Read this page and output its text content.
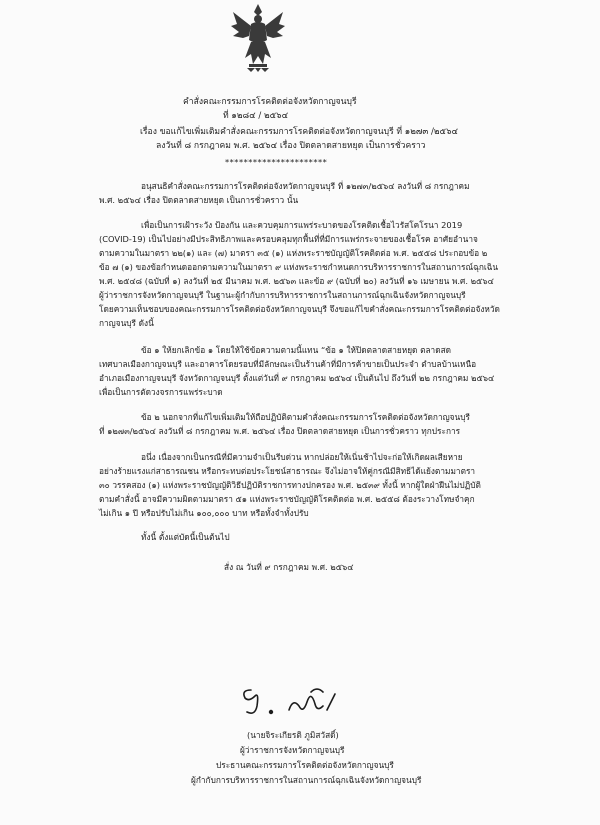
คำสั่งคณะกรรมการโรคติดต่อจังหวัดกาญจนบุรี
ที่ ๑๒๘๔ / ๒๕๖๔
เรื่อง ขอแก้ไขเพิ่มเติมคำสั่งคณะกรรมการโรคติดต่อจังหวัดกาญจนบุรี ที่ ๑๒๗๓ /๒๕๖๔
ลงวันที่ ๘ กรกฎาคม พ.ศ. ๒๕๖๔ เรื่อง ปิดตลาดสายหยุด เป็นการชั่วคราว
**********************
อนุสนธิคำสั่งคณะกรรมการโรคติดต่อจังหวัดกาญจนบุรี ที่ ๑๒๗๓/๒๕๖๔ ลงวันที่ ๘ กรกฎาคม
พ.ศ. ๒๕๖๔ เรื่อง ปิดตลาดสายหยุด เป็นการชั่วคราว นั้น
เพื่อเป็นการเฝ้าระวัง ป้องกัน และควบคุมการแพร่ระบาดของโรคติดเชื้อไวรัสโคโรนา 2019
(COVID-19) เป็นไปอย่างมีประสิทธิภาพและครอบคลุมทุกพื้นที่ที่มีการแพร่กระจายของเชื้อโรค อาศัยอำนาจ
ตามความในมาตรา ๒๒(๑) และ (๗) มาตรา ๓๕ (๑) แห่งพระราชบัญญัติโรคติดต่อ พ.ศ. ๒๕๕๘ ประกอบข้อ ๒
ข้อ ๗ (๑) ของข้อกำหนดออกตามความในมาตรา ๙ แห่งพระราชกำหนดการบริหารราชการในสถานการณ์ฉุกเฉิน
พ.ศ. ๒๕๔๘ (ฉบับที่ ๑) ลงวันที่ ๒๕ มีนาคม พ.ศ. ๒๕๖๓ และข้อ ๙ (ฉบับที่ ๒๐) ลงวันที่ ๑๖ เมษายน พ.ศ. ๒๕๖๔
ผู้ว่าราชการจังหวัดกาญจนบุรี ในฐานะผู้กำกับการบริหารราชการในสถานการณ์ฉุกเฉินจังหวัดกาญจนบุรี
โดยความเห็นชอบของคณะกรรมการโรคติดต่อจังหวัดกาญจนบุรี จึงขอแก้ไขคำสั่งคณะกรรมการโรคติดต่อจังหวัด
กาญจนบุรี ดังนี้
ข้อ ๑ ให้ยกเลิกข้อ ๑ โดยให้ใช้ข้อความตามนี้แทน “ข้อ ๑ ให้ปิดตลาดสายหยุด ตลาดสด
เทศบาลเมืองกาญจนบุรี และอาคารโดยรอบที่มีลักษณะเป็นร้านค้าที่มีการค้าขายเป็นประจำ ตำบลบ้านเหนือ
อำเภอเมืองกาญจนบุรี จังหวัดกาญจนบุรี ตั้งแต่วันที่ ๙ กรกฎาคม ๒๕๖๔ เป็นต้นไป ถึงวันที่ ๒๒ กรกฎาคม ๒๕๖๔
เพื่อเป็นการตัดวงจรการแพร่ระบาด
ข้อ ๒ นอกจากที่แก้ไขเพิ่มเติมให้ถือปฏิบัติตามคำสั่งคณะกรรมการโรคติดต่อจังหวัดกาญจนบุรี
ที่ ๑๒๗๓/๒๕๖๔ ลงวันที่ ๘ กรกฎาคม พ.ศ. ๒๕๖๔ เรื่อง ปิดตลาดสายหยุด เป็นการชั่วคราว ทุกประการ
อนึ่ง เนื่องจากเป็นกรณีที่มีความจำเป็นรีบด่วน หากปล่อยให้เนิ่นช้าไปจะก่อให้เกิดผลเสียหาย
อย่างร้ายแรงแก่สาธารณชน หรือกระทบต่อประโยชน์สาธารณะ จึงไม่อาจให้คู่กรณีมีสิทธิได้แย้งตามมาตรา
๓๐ วรรคสอง (๑) แห่งพระราชบัญญัติวิธีปฏิบัติราชการทางปกครอง พ.ศ. ๒๕๓๙ ทั้งนี้ หากผู้ใดฝ่าฝืนไม่ปฏิบัติ
ตามคำสั่งนี้ อาจมีความผิดตามมาตรา ๕๑ แห่งพระราชบัญญัติโรคติดต่อ พ.ศ. ๒๕๕๘ ต้องระวางโทษจำคุก
ไม่เกิน ๑ ปี หรือปรับไม่เกิน ๑๐๐,๐๐๐ บาท หรือทั้งจำทั้งปรับ
ทั้งนี้ ตั้งแต่บัดนี้เป็นต้นไป
สั่ง ณ วันที่ ๙ กรกฎาคม พ.ศ. ๒๕๖๔
(นายจิระเกียรติ ภูมิสวัสดิ์)
ผู้ว่าราชการจังหวัดกาญจนบุรี
ประธานคณะกรรมการโรคติดต่อจังหวัดกาญจนบุรี
ผู้กำกับการบริหารราชการในสถานการณ์ฉุกเฉินจังหวัดกาญจนบุรี
